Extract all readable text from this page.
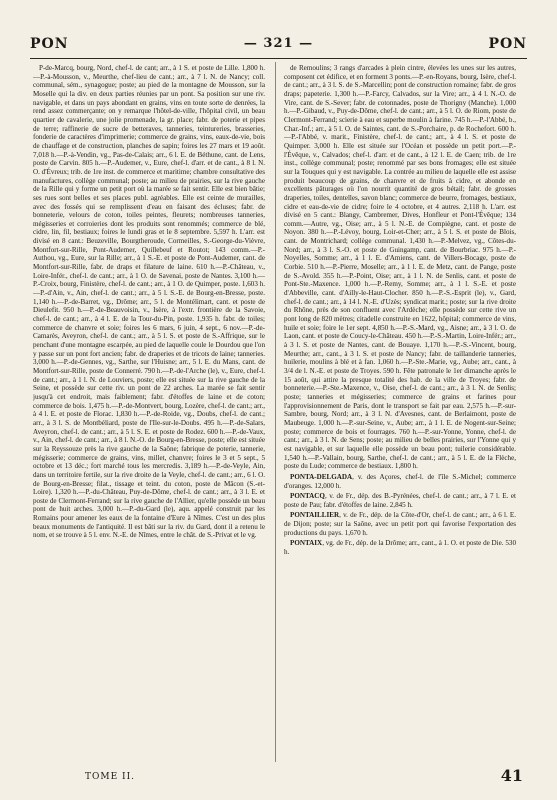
PON	— 321 —	PON

P-de-Marcq, bourg, Nord, chef-l. de cant; arr., à 1 S. et poste de Lille. 1,800 h.—P.-à-Mousson, v., Meurthe, chef-lieu de cant.; arr., à 7 l. N. de Nancy; coll. communal, sém., synagogue; poste; au pied de la montagne de Mousson, sur la Moselle qui la div. en deux parties réunies par un pont. Sa position sur une riv. navigable, et dans un pays abondant en grains, vins en toute sorte de denrées, la rend assez commerçante; on y remarque l'hôtel-de-ville, l'hôpital civil, un beau quartier de cavalerie, une jolie promenade, la gr. place; fabr. de poterie et pipes de terre; raffinerie de sucre de betteraves, tanneries, teintureries, brasseries, fonderie de caractères d'imprimerie; commerce de grains, vins, eaux-de-vie, bois de chauffage et de construction, planches de sapin; foires les 27 mars et 19 août. 7,018 h.—P.-à-Vendin, vg., Pas-de-Calais; arr., 6 l. E. de Béthune, cant. de Lens, poste de Carvin. 805 h.—P.-Audemer, v., Eure, chef-l. d'arr. et de cant., à 8 l. N. O. d'Évreux; trib. de 1re inst. de commerce et maritime; chambre consultative des manufactures, collège communal; poste; au milieu de prairies, sur la rive gauche de la Rille qui y forme un petit port où la marée se fait sentir. Elle est bien bâtie; ses rues sont belles et ses places publ. agréables. Elle est ceinte de murailles, avec des fossés qui se remplissent d'eau en faisant des écluses; fabr. de bonneterie, velours de coton, toiles peintes, fleurets; nombreuses tanneries, mégisseries et corroieries dont les produits sont renommés; commerce de blé, cidre, lin, fil, bestiaux; foires le lundi gras et le 8 septembre. 5,597 h. L'arr. est divisé en 8 cant.: Beuzeville, Bourgtheroude, Cormeilles, S.-George-du-Vièvre, Montfort-sur-Rille, Pont-Audemer, Quillebeuf et Routot; 143 comm.—P.-Authou, vg., Eure, sur la Rille; arr., à 1 S.-E. et poste de Pont-Audemer, cant. de Montfort-sur-Rille, fabr. de draps et filature de laine. 610 h.—P.-Château, v., Loire-Infér., chef-l. de cant.; arr., à 1 O. de Savenai, poste de Nantes. 3,100 h.—P.-Croix, bourg, Finistère, chef-l. de cant.; arr., à 1 O. de Quimper, poste. 1,603 h.—P.-d'Ain, v., Ain, chef-l. de cant.; arr., à 5 l. S.-E. de Bourg-en-Bresse, poste. 1,140 h.—P.-de-Barret, vg., Drôme; arr., 5 l. de Montélimart, cant. et poste de Dieulefit. 950 h.—P.-de-Beauvoisin, v., Isère, à l'extr. frontière de la Savoie, chef-l. de cant.; arr., à 4 l. E. de la Tour-du-Pin, poste. 1,935 h. fabr. de toiles; commerce de chanvre et soie; foires les 6 mars, 6 juin, 4 sept., 6 nov.—P.-de-Camarès, Aveyron, chef-l. de cant.; arr., à 5 l. S. et poste de S.-Affrique, sur le penchant d'une montagne escarpée, au pied de laquelle coule le Dourdou que l'on y passe sur un pont fort ancien; fabr. de draperies et de tricots de laine; tanneries. 3,000 h.—P.-de-Gennes, vg., Sarthe, sur l'Huisne; arr., 5 l. E. du Mans, cant. de Montfort-sur-Rille, poste de Connerré. 790 h.—P.-de-l'Arche (le), v., Eure, chef-l. de cant.; arr., à 1 l. N. de Louviers, poste; elle est située sur la rive gauche de la Seine, et possède sur cette riv. un pont de 22 arches. La marée se fait sentir jusqu'à cet endroit, mais faiblement; fabr. d'étoffes de laine et de coton; commerce de bois. 1,475 h.—P.-de-Montvert, bourg, Lozère, chef-l. de cant.; arr., à 4 l. E. et poste de Florac. 1,830 h.—P.-de-Roide, vg., Doubs, chef-l. de cant.; arr., à 3 l. S. de Montbéliard, poste de l'Ile-sur-le-Doubs. 495 h.—P.-de-Salars, Aveyron, chef-l. de cant.; arr., à 5 l. S. E. et poste de Rodez. 600 h.—P.-de-Vaux, v., Ain, chef-l. de cant.; arr., à 8 l. N.-O. de Bourg-en-Bresse, poste; elle est située sur la Reyssouze près la rive gauche de la Saône; fabrique de poterie, tannerie, mégisserie; commerce de grains, vins, millet, chanvre; foires le 3 et 5 sept., 5 octobre et 13 déc.; fort marché tous les mercredis. 3,189 h.—P.-de-Veyle, Ain, dans un territoire fertile, sur la rive droite de la Veyle, chef-l. de cant.; arr., 6 l. O. de Bourg-en-Bresse; filat., tissage et teint. du coton, poste de Mâcon (S.-et-Loire). 1,320 h.—P.-du-Château, Puy-de-Dôme, chef-l. de cant.; arr., à 3 l. E. et poste de Clermont-Ferrand; sur la rive gauche de l'Allier, qu'elle possède un beau pont de huit arches. 3,000 h.—P.-du-Gard (le), aqu. appelé construit par les Romains pour amener les eaux de la fontaine d'Eure à Nîmes. C'est un des plus beaux monuments de l'antiquité. Il est bâti sur la riv. du Gard, dont il a retenu le nom, et se trouve à 5 l. env. N.-E. de Nîmes, entre le chât. de S.-Privat et le vg.

de Remoulins; 3 rangs d'arcades à plein cintre, élevées les unes sur les autres, composent cet édifice, et en forment 3 ponts.—P.-en-Royans, bourg, Isère, chef-l. de cant.; arr., à 3 l. S. de S.-Marcellin; pont de construction romaine; fabr. de gros draps; papeterie. 1,300 h.—P.-Farcy, Calvados, sur la Vire; arr., à 4 l. N.-O. de Vire, cant. de S.-Sever; fabr. de cotonnades, poste de Thorigny (Manche). 1,000 h.—P.-Gibaud, v., Puy-de-Dôme, chef-l. de cant.; arr., à 5 l. O. de Riom, poste de Clermont-Ferrand; scierie à eau et superbe moulin à farine. 745 h.—P.-l'Abbé, b., Char.-Inf.; arr., à 5 l. O. de Saintes, cant. de S.-Porchaire, p. de Rochefort. 600 h.—P.-l'Abbé, v. marit., Finistère, chef-l. de cant.; arr., à 4 l. S. et poste de Quimper. 3,000 h. Elle est située sur l'Océan et possède un petit port.—P.-l'Évêque, v., Calvados; chef-l. d'arr. et de cant., à 12 l. E. de Caen; trib. de 1re inst., collège communal; poste; renommé par ses bons fromages; elle est située sur la Touques qui y est navigable. La contrée au milieu de laquelle elle est assise produit beaucoup de grains, de chanvre et de fruits à cidre, et abonde en excellents pâturages où l'on nourrit quantité de gros bétail; fabr. de grosses draperies, toiles, dentelles, savon blanc; commerce de beurre, fromages, bestiaux, cidre et eau-de-vie de cidre; foire le 4 octobre, et 4 autres. 2,118 h. L'arr. est divisé en 5 cant.: Blangy, Cambremer, Dives, Honfleur et Pont-l'Évêque; 134 comm.—Autre, vg., Oise; arr., à 5 l. N.-E. de Compiègne, cant. et poste de Noyon. 380 h.—P.-Lévoy, bourg, Loir-et-Cher; arr., à 5 l. S. et poste de Blois, cant. de Montrichard; collège communal. 1,430 h.—P.-Melvez, vg., Côtes-du-Nord; arr., à 3 l. S.-O. et poste de Guingamp, cant. de Bourbriac. 975 h.—P.-Noyelles, Somme; arr., à 1 l. E. d'Amiens, cant. de Villers-Bocage, poste de Corbie. 510 h.—P.-Pierre, Moselle; arr., à 1 l. E. de Metz, cant. de Pange, poste de S.-Avold. 355 h.—P.-Point, Oise; arr., à 1 l. N. de Senlis, cant. et poste de Pont-Ste.-Maxence. 1,000 h.—P.-Remy, Somme; arr., à 1 l. S.-E. et poste d'Abbeville, cant. d'Ailly-le-Haut-Clocher. 850 h.—P.-S.-Esprit (le), v., Gard, chef-l. de cant.; arr., à 14 l. N.-E. d'Uzès; syndicat marit.; poste; sur la rive droite du Rhône, près de son confluent avec l'Ardèche; elle possède sur cette rive un pont long de 820 mètres; citadelle construite en 1622, hôpital; commerce de vins, huile et soie; foire le 1er sept. 4,850 h.—P.-S.-Mard, vg., Aisne; arr., à 3 l. O. de Laon, cant. et poste de Coucy-le-Château. 450 h.—P.-S.-Martin, Loire-Infér.; arr., à 3 l. S. et poste de Nantes, cant. de Bouaye. 1,170 h.—P.-S.-Vincent, bourg, Meurthe; arr., cant., à 3 l. S. et poste de Nancy; fabr. de taillanderie tanneries, huilerie, moulins à blé et à fan. 1,060 h.—P.-Ste.-Marie, vg., Aube; arr., cant., à 3/4 de l. N.-E. et poste de Troyes. 590 h. Fête patronale le 1er dimanche après le 15 août, qui attire la presque totalité des hab. de la ville de Troyes; fabr. de bonneterie.—P.-Ste.-Maxence, v., Oise, chef-l. de cant.; arr., à 3 l. N. de Senlis; poste; tanneries et mégisseries; commerce de grains et farines pour l'approvisionnement de Paris, dont le transport se fait par eau. 2,575 h.—P.-sur-Sambre, bourg, Nord; arr., à 3 l. N. d'Avesnes, cant. de Berlaimont, poste de Maubeuge. 1,000 h.—P.-sur-Seine, v., Aube; arr., à 1 l. E. de Nogent-sur-Seine; poste; commerce de bois et fourrages. 760 h.—P.-sur-Yonne, Yonne, chef-l. de cant.; arr., à 3 l. N. de Sens; poste; au milieu de belles prairies, sur l'Yonne qui y est navigable, et sur laquelle elle possède un beau pont; tuilerie considérable. 1,540 h.—P.-Vallain, bourg, Sarthe, chef-l. de cant.; arr., à 5 l. E. de la Flèche, poste du Lude; commerce de bestiaux. 1,800 h.

PONTA-DELGADA, v. des Açores, chef-l. de l'île S.-Michel; commerce d'oranges. 12,000 h.

PONTACQ, v. de Fr., dép. des B.-Pyrénées, chef-l. de cant.; arr., à 7 l. E. et poste de Pau; fabr. d'étoffes de laine. 2,845 h.

PONTAILLIER, v. de Fr., dép. de la Côte-d'Or, chef-l. de cant.; arr., à 6 l. E. de Dijon; poste; sur la Saône, avec un petit port qui favorise l'exportation des productions du pays. 1,670 h.

PONTAIX, vg. de Fr., dép. de la Drôme; arr., cant., à 1. O. et poste de Die. 530 h.

TOME II.	41
